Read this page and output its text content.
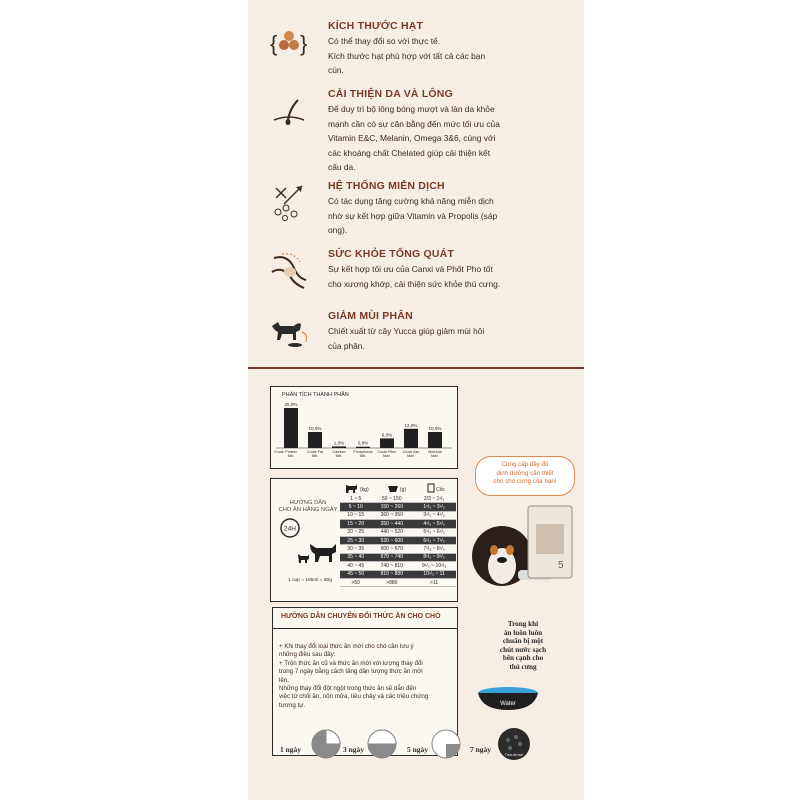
{ }
KÍCH THƯỚC HẠT

Có thể thay đổi so với thực tế.
Kích thước hạt phù hợp với tất cả các bạn
cún.

CẢI THIỆN DA VÀ LÔNG

Để duy trì bộ lông bóng mượt và làn da khỏe
mạnh cần có sự cân bằng đến mức tối ưu của
Vitamin E&C, Melanin, Omega 3&6, cùng với
các khoáng chất Chelated giúp cải thiện kết
cấu da.

HỆ THỐNG MIỄN DỊCH

Có tác dụng tăng cường khả năng miễn dịch
nhờ sự kết hợp giữa Vitamin và Propolis (sáp
ong).

SỨC KHỎE TỔNG QUÁT

Sự kết hợp tối ưu của Canxi và Phốt Pho tốt
cho xương khớp, cải thiện sức khỏe thú cưng.

GIẢM MÙI PHÂN

Chiết xuất từ cây Yucca giúp giảm mùi hôi
của phân.

PHÂN TÍCH THÀNH PHẦN
Crude
25,0%
Protein
Min.
10,0%
Crude Fat
Min.
1,0%
Calcium
Min.
0,8%
Phosphorus
Min.
6,0%
Crude Fiber
Max.
12,0%
Crude Ash
Max.
10,0%
Moisture
Max.
HƯỚNG DẪN
CHO ĂN HẰNG NGÀY
24H
1 cup = 185ml = 80g
(kg)	(g)	Cốc
1 ~ 5	50 ~ 150	2/3 ~ 1¹/₃
5 ~ 10	150 ~ 260	1¹/₃ ~ 3¹/₃
10 ~ 15	260 ~ 350	3¹/₃ ~ 4¹/₃
15 ~ 20	350 ~ 440	4¹/₃ ~ 5¹/₃
20 ~ 25	440 ~ 520	5¹/₃ ~ 6¹/₃
25 ~ 30	520 ~ 600	6¹/₃ ~ 7¹/₃
30 ~ 35	600 ~ 670	7¹/₃ ~ 8¹/₃
35 ~ 40	670 ~ 740	8¹/₃ ~ 9¹/₃
40 ~ 45	740 ~ 810	9¹/₃ ~ 10¹/₃
45 ~ 50	810 ~ 880	10¹/₃ ~ 11
>50	>880	>11
5
Cung cấp đầy đủ
dinh dưỡng cần thiết
cho chó cưng của bạn!
HƯỚNG DẪN CHUYỂN ĐỔI THỨC ĂN CHO CHÓ
+ Khi thay đổi loại thức ăn mới cho chó cần lưu ý
những điều sau đây:
+ Trộn thức ăn cũ và thức ăn mới với lượng thay đổi
trong 7 ngày bằng cách tăng dần lượng thức ăn mới
lên.
Những thay đổi đột ngột trong thức ăn sẽ dẫn đến
việc từ chối ăn, nôn mửa, tiêu chảy và các triệu chứng
tương tự.
Trong khi
ăn luôn luôn
chuẩn bị một
chút nước sạch
bên cạnh cho
thú cưng
Water
1 ngày	3 ngày	5 ngày	7 ngày
Thức ăn mới
